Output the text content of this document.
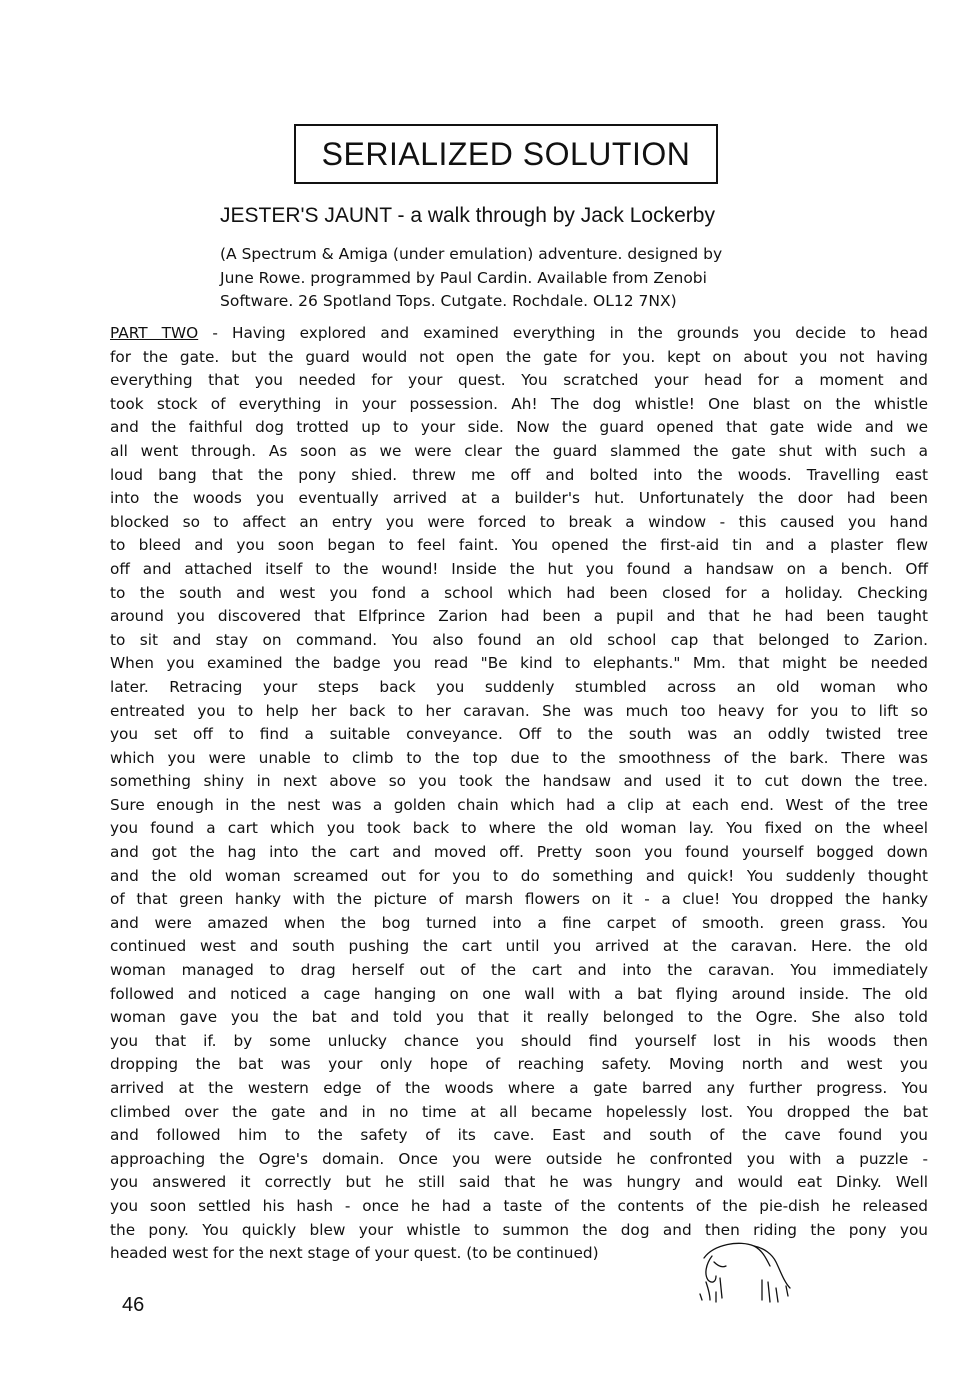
SERIALIZED SOLUTION
JESTER'S JAUNT - a walk through by Jack Lockerby
(A Spectrum & Amiga (under emulation) adventure. designed by
June Rowe. programmed by Paul Cardin. Available from Zenobi
Software. 26 Spotland Tops. Cutgate. Rochdale. OL12 7NX)
PART TWO - Having explored and examined everything in the grounds you decide to head
for the gate. but the guard would not open the gate for you. kept on about you not having
everything that you needed for your quest. You scratched your head for a moment and
took stock of everything in your possession. Ah! The dog whistle! One blast on the whistle
and the faithful dog trotted up to your side. Now the guard opened that gate wide and we
all went through. As soon as we were clear the guard slammed the gate shut with such a
loud bang that the pony shied. threw me off and bolted into the woods. Travelling east
into the woods you eventually arrived at a builder's hut. Unfortunately the door had been
blocked so to affect an entry you were forced to break a window - this caused you hand
to bleed and you soon began to feel faint. You opened the first-aid tin and a plaster flew
off and attached itself to the wound! Inside the hut you found a handsaw on a bench. Off
to the south and west you fond a school which had been closed for a holiday. Checking
around you discovered that Elfprince Zarion had been a pupil and that he had been taught
to sit and stay on command. You also found an old school cap that belonged to Zarion.
When you examined the badge you read "Be kind to elephants." Mm. that might be needed
later. Retracing your steps back you suddenly stumbled across an old woman who
entreated you to help her back to her caravan. She was much too heavy for you to lift so
you set off to find a suitable conveyance. Off to the south was an oddly twisted tree
which you were unable to climb to the top due to the smoothness of the bark. There was
something shiny in next above so you took the handsaw and used it to cut down the tree.
Sure enough in the nest was a golden chain which had a clip at each end. West of the tree
you found a cart which you took back to where the old woman lay. You fixed on the wheel
and got the hag into the cart and moved off. Pretty soon you found yourself bogged down
and the old woman screamed out for you to do something and quick! You suddenly thought
of that green hanky with the picture of marsh flowers on it - a clue! You dropped the hanky
and were amazed when the bog turned into a fine carpet of smooth. green grass. You
continued west and south pushing the cart until you arrived at the caravan. Here. the old
woman managed to drag herself out of the cart and into the caravan. You immediately
followed and noticed a cage hanging on one wall with a bat flying around inside. The old
woman gave you the bat and told you that it really belonged to the Ogre. She also told
you that if. by some unlucky chance you should find yourself lost in his woods then
dropping the bat was your only hope of reaching safety. Moving north and west you
arrived at the western edge of the woods where a gate barred any further progress. You
climbed over the gate and in no time at all became hopelessly lost. You dropped the bat
and followed him to the safety of its cave. East and south of the cave found you
approaching the Ogre's domain. Once you were outside he confronted you with a puzzle -
you answered it correctly but he still said that he was hungry and would eat Dinky. Well
you soon settled his hash - once he had a taste of the contents of the pie-dish he released
the pony. You quickly blew your whistle to summon the dog and then riding the pony you
headed west for the next stage of your quest. (to be continued)
46
